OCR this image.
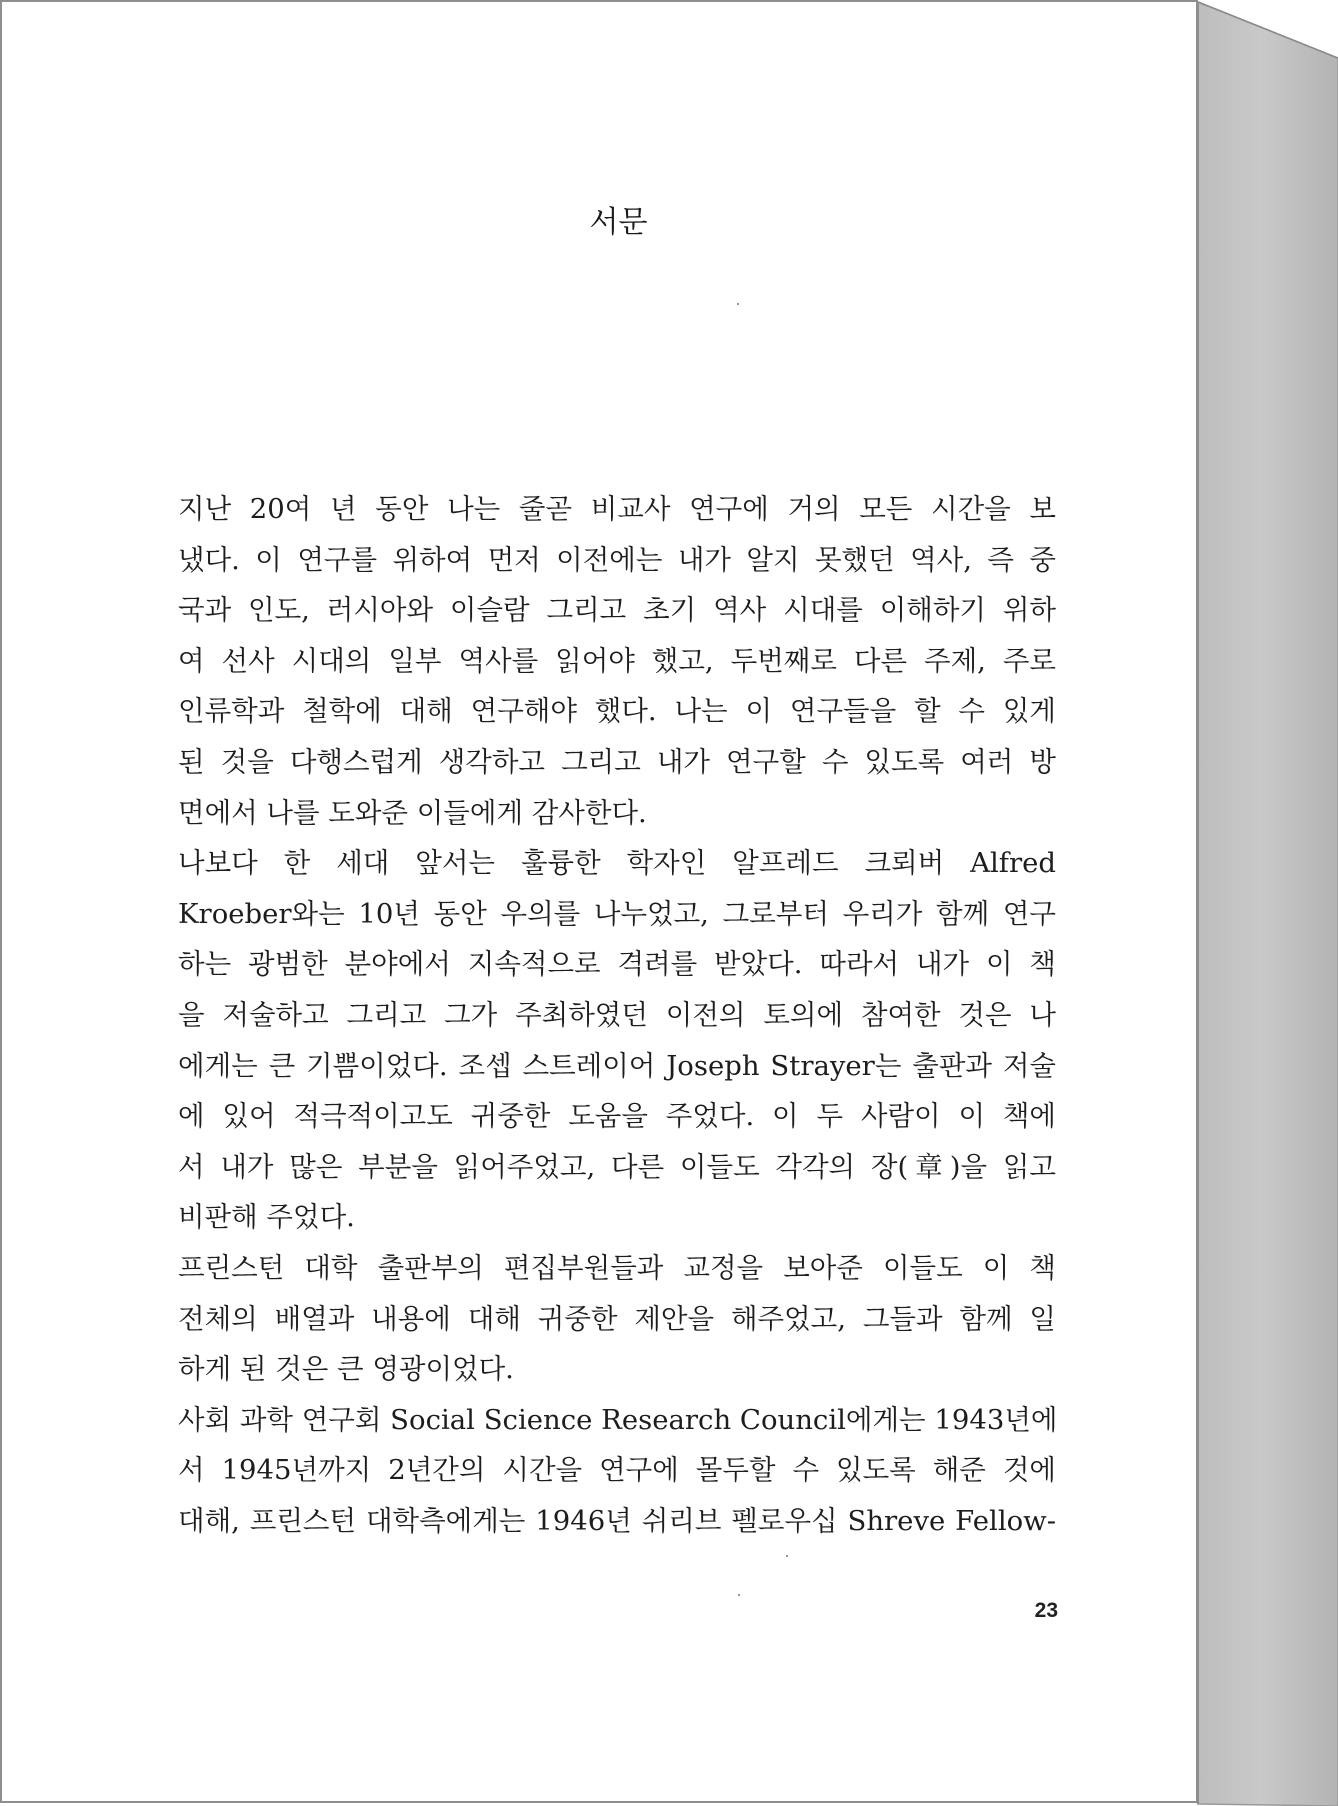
서문
지난 20여 년 동안 나는 줄곧 비교사 연구에 거의 모든 시간을 보
냈다. 이 연구를 위하여 먼저 이전에는 내가 알지 못했던 역사, 즉 중
국과 인도, 러시아와 이슬람 그리고 초기 역사 시대를 이해하기 위하
여 선사 시대의 일부 역사를 읽어야 했고, 두번째로 다른 주제, 주로
인류학과 철학에 대해 연구해야 했다. 나는 이 연구들을 할 수 있게
된 것을 다행스럽게 생각하고 그리고 내가 연구할 수 있도록 여러 방
면에서 나를 도와준 이들에게 감사한다.
나보다 한 세대 앞서는 훌륭한 학자인 알프레드 크뢰버 Alfred
Kroeber와는 10년 동안 우의를 나누었고, 그로부터 우리가 함께 연구
하는 광범한 분야에서 지속적으로 격려를 받았다. 따라서 내가 이 책
을 저술하고 그리고 그가 주최하였던 이전의 토의에 참여한 것은 나
에게는 큰 기쁨이었다. 조셉 스트레이어 Joseph Strayer는 출판과 저술
에 있어 적극적이고도 귀중한 도움을 주었다. 이 두 사람이 이 책에
서 내가 많은 부분을 읽어주었고, 다른 이들도 각각의 장(章)을 읽고
비판해 주었다.
프린스턴 대학 출판부의 편집부원들과 교정을 보아준 이들도 이 책
전체의 배열과 내용에 대해 귀중한 제안을 해주었고, 그들과 함께 일
하게 된 것은 큰 영광이었다.
사회 과학 연구회 Social Science Research Council에게는 1943년에
서 1945년까지 2년간의 시간을 연구에 몰두할 수 있도록 해준 것에
대해, 프린스턴 대학측에게는 1946년 쉬리브 펠로우십 Shreve Fellow-
23
